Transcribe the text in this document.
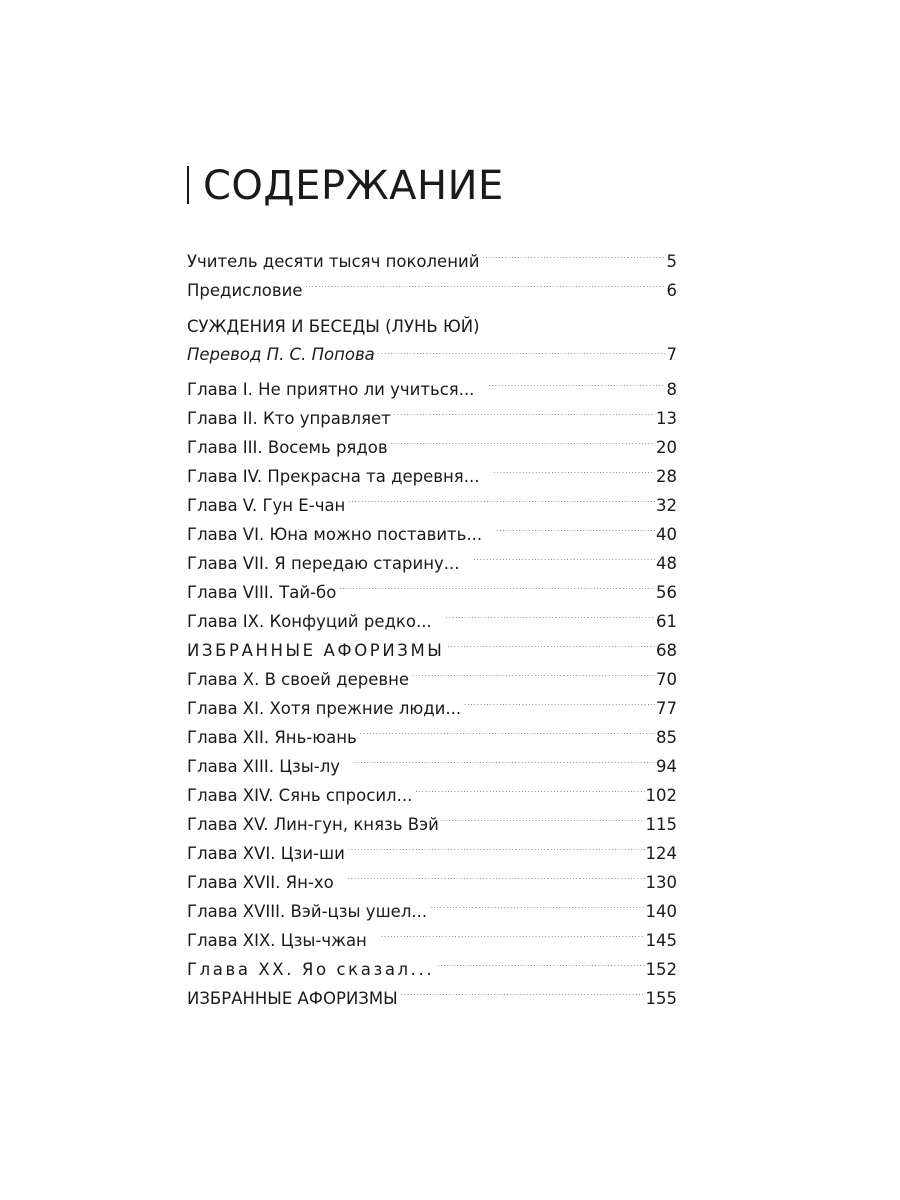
СОДЕРЖАНИЕ
Учитель десяти тысяч поколений . . .	5
Предисловие . . .	6
СУЖДЕНИЯ И БЕСЕДЫ (ЛУНЬ ЮЙ)
Перевод П. С. Попова . . .	7
Глава I. Не приятно ли учиться... . . .	8
Глава II. Кто управляет . . .	13
Глава III. Восемь рядов . . .	20
Глава IV. Прекрасна та деревня... . . .	28
Глава V. Гун Е-чан . . .	32
Глава VI. Юна можно поставить... . . .	40
Глава VII. Я передаю старину... . . .	48
Глава VIII. Тай-бо . . .	56
Глава IX. Конфуций редко... . . .	61
ИЗБРАННЫЕ АФОРИЗМЫ . . .	68
Глава X. В своей деревне . . .	70
Глава XI. Хотя прежние люди... . . .	77
Глава XII. Янь-юань . . .	85
Глава XIII. Цзы-лу . . .	94
Глава XIV. Сянь спросил... . . .	102
Глава XV. Лин-гун, князь Вэй . . .	115
Глава XVI. Цзи-ши . . .	124
Глава XVII. Ян-хо . . .	130
Глава XVIII. Вэй-цзы ушел... . . .	140
Глава XIX. Цзы-чжан . . .	145
Глава XX. Яо сказал... . . .	152
ИЗБРАННЫЕ АФОРИЗМЫ . . .	155
